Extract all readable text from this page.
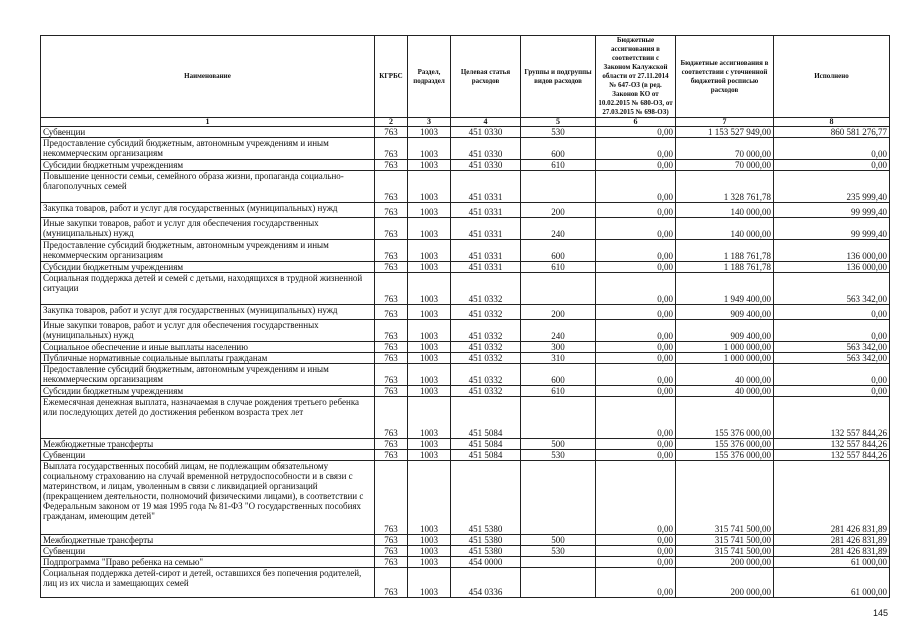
Наименование	КГРБС	Раздел, подраздел	Целевая статья расходов	Группы и подгруппы видов расходов	Бюджетные ассигнования в соответствии с Законом Калужской области от 27.11.2014 № 647-ОЗ (в ред. Законов КО от 10.02.2015 № 680-ОЗ, от 27.03.2015 № 698-ОЗ)	Бюджетные ассигнования в соответствии с уточненной бюджетной росписью расходов	Исполнено
1	2	3	4	5	6	7	8
Субвенции	763	1003	451 0330	530	0,00	1 153 527 949,00	860 581 276,77
Предоставление субсидий бюджетным, автономным учреждениям и иным некоммерческим организациям	763	1003	451 0330	600	0,00	70 000,00	0,00
Субсидии бюджетным учреждениям	763	1003	451 0330	610	0,00	70 000,00	0,00
Повышение ценности семьи, семейного образа жизни, пропаганда социально-благополучных семей	763	1003	451 0331		0,00	1 328 761,78	235 999,40
Закупка товаров, работ и услуг для государственных (муниципальных) нужд	763	1003	451 0331	200	0,00	140 000,00	99 999,40
Иные закупки товаров, работ и услуг для обеспечения государственных (муниципальных) нужд	763	1003	451 0331	240	0,00	140 000,00	99 999,40
Предоставление субсидий бюджетным, автономным учреждениям и иным некоммерческим организациям	763	1003	451 0331	600	0,00	1 188 761,78	136 000,00
Субсидии бюджетным учреждениям	763	1003	451 0331	610	0,00	1 188 761,78	136 000,00
Социальная поддержка детей и семей с детьми, находящихся в трудной жизненной ситуации	763	1003	451 0332		0,00	1 949 400,00	563 342,00
Закупка товаров, работ и услуг для государственных (муниципальных) нужд	763	1003	451 0332	200	0,00	909 400,00	0,00
Иные закупки товаров, работ и услуг для обеспечения государственных (муниципальных) нужд	763	1003	451 0332	240	0,00	909 400,00	0,00
Социальное обеспечение и иные выплаты населению	763	1003	451 0332	300	0,00	1 000 000,00	563 342,00
Публичные нормативные социальные выплаты гражданам	763	1003	451 0332	310	0,00	1 000 000,00	563 342,00
Предоставление субсидий бюджетным, автономным учреждениям и иным некоммерческим организациям	763	1003	451 0332	600	0,00	40 000,00	0,00
Субсидии бюджетным учреждениям	763	1003	451 0332	610	0,00	40 000,00	0,00
Ежемесячная денежная выплата, назначаемая в случае рождения третьего ребенка или последующих детей до достижения ребенком возраста трех лет	763	1003	451 5084		0,00	155 376 000,00	132 557 844,26
Межбюджетные трансферты	763	1003	451 5084	500	0,00	155 376 000,00	132 557 844,26
Субвенции	763	1003	451 5084	530	0,00	155 376 000,00	132 557 844,26
Выплата государственных пособий лицам, не подлежащим обязательному социальному страхованию на случай временной нетрудоспособности и в связи с материнством, и лицам, уволенным в связи с ликвидацией организаций (прекращением деятельности, полномочий физическими лицами), в соответствии с Федеральным законом от 19 мая 1995 года № 81-ФЗ "О государственных пособиях гражданам, имеющим детей"	763	1003	451 5380		0,00	315 741 500,00	281 426 831,89
Межбюджетные трансферты	763	1003	451 5380	500	0,00	315 741 500,00	281 426 831,89
Субвенции	763	1003	451 5380	530	0,00	315 741 500,00	281 426 831,89
Подпрограмма "Право ребенка на семью"	763	1003	454 0000		0,00	200 000,00	61 000,00
Социальная поддержка детей-сирот и детей, оставшихся без попечения родителей, лиц из их числа и замещающих семей	763	1003	454 0336		0,00	200 000,00	61 000,00
145
